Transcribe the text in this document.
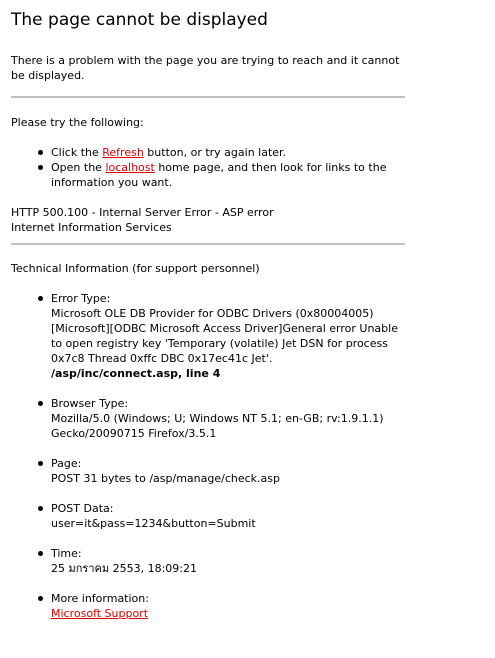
The page cannot be displayed

There is a problem with the page you are trying to reach and it cannot be displayed.

Please try the following:

Click the Refresh button, or try again later.
Open the localhost home page, and then look for links to the information you want.
HTTP 500.100 - Internal Server Error - ASP error
Internet Information Services

Technical Information (for support personnel)

Error Type:
Microsoft OLE DB Provider for ODBC Drivers (0x80004005)
[Microsoft][ODBC Microsoft Access Driver]General error Unable to open registry key 'Temporary (volatile) Jet DSN for process 0x7c8 Thread 0xffc DBC 0x17ec41c Jet'.
/asp/inc/connect.asp, line 4
Browser Type:
Mozilla/5.0 (Windows; U; Windows NT 5.1; en-GB; rv:1.9.1.1) Gecko/20090715 Firefox/3.5.1
Page:
POST 31 bytes to /asp/manage/check.asp
POST Data:
user=it&pass=1234&button=Submit
Time:
25 มกราคม 2553, 18:09:21
More information:
Microsoft Support
